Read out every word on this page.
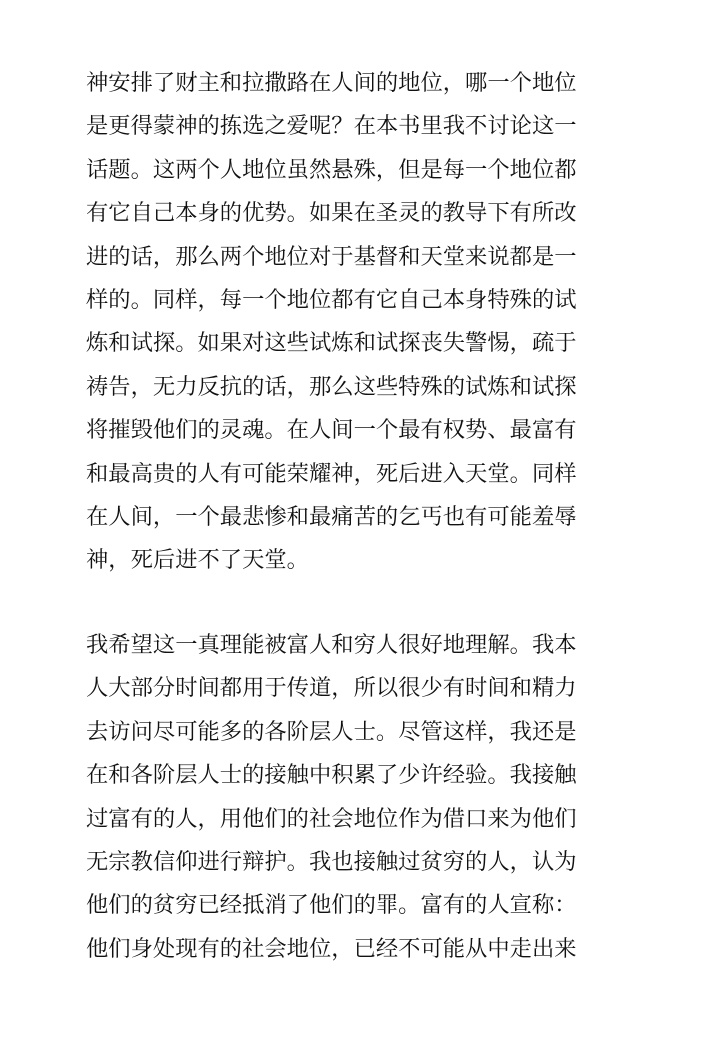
神安排了财主和拉撒路在人间的地位，哪一个地位
是更得蒙神的拣选之爱呢？在本书里我不讨论这一
话题。这两个人地位虽然悬殊，但是每一个地位都
有它自己本身的优势。如果在圣灵的教导下有所改
进的话，那么两个地位对于基督和天堂来说都是一
样的。同样，每一个地位都有它自己本身特殊的试
炼和试探。如果对这些试炼和试探丧失警惕，疏于
祷告，无力反抗的话，那么这些特殊的试炼和试探
将摧毁他们的灵魂。在人间一个最有权势、最富有
和最高贵的人有可能荣耀神，死后进入天堂。同样
在人间，一个最悲惨和最痛苦的乞丐也有可能羞辱
神，死后进不了天堂。
我希望这一真理能被富人和穷人很好地理解。我本
人大部分时间都用于传道，所以很少有时间和精力
去访问尽可能多的各阶层人士。尽管这样，我还是
在和各阶层人士的接触中积累了少许经验。我接触
过富有的人，用他们的社会地位作为借口来为他们
无宗教信仰进行辩护。我也接触过贫穷的人，认为
他们的贫穷已经抵消了他们的罪。富有的人宣称：
他们身处现有的社会地位，已经不可能从中走出来
